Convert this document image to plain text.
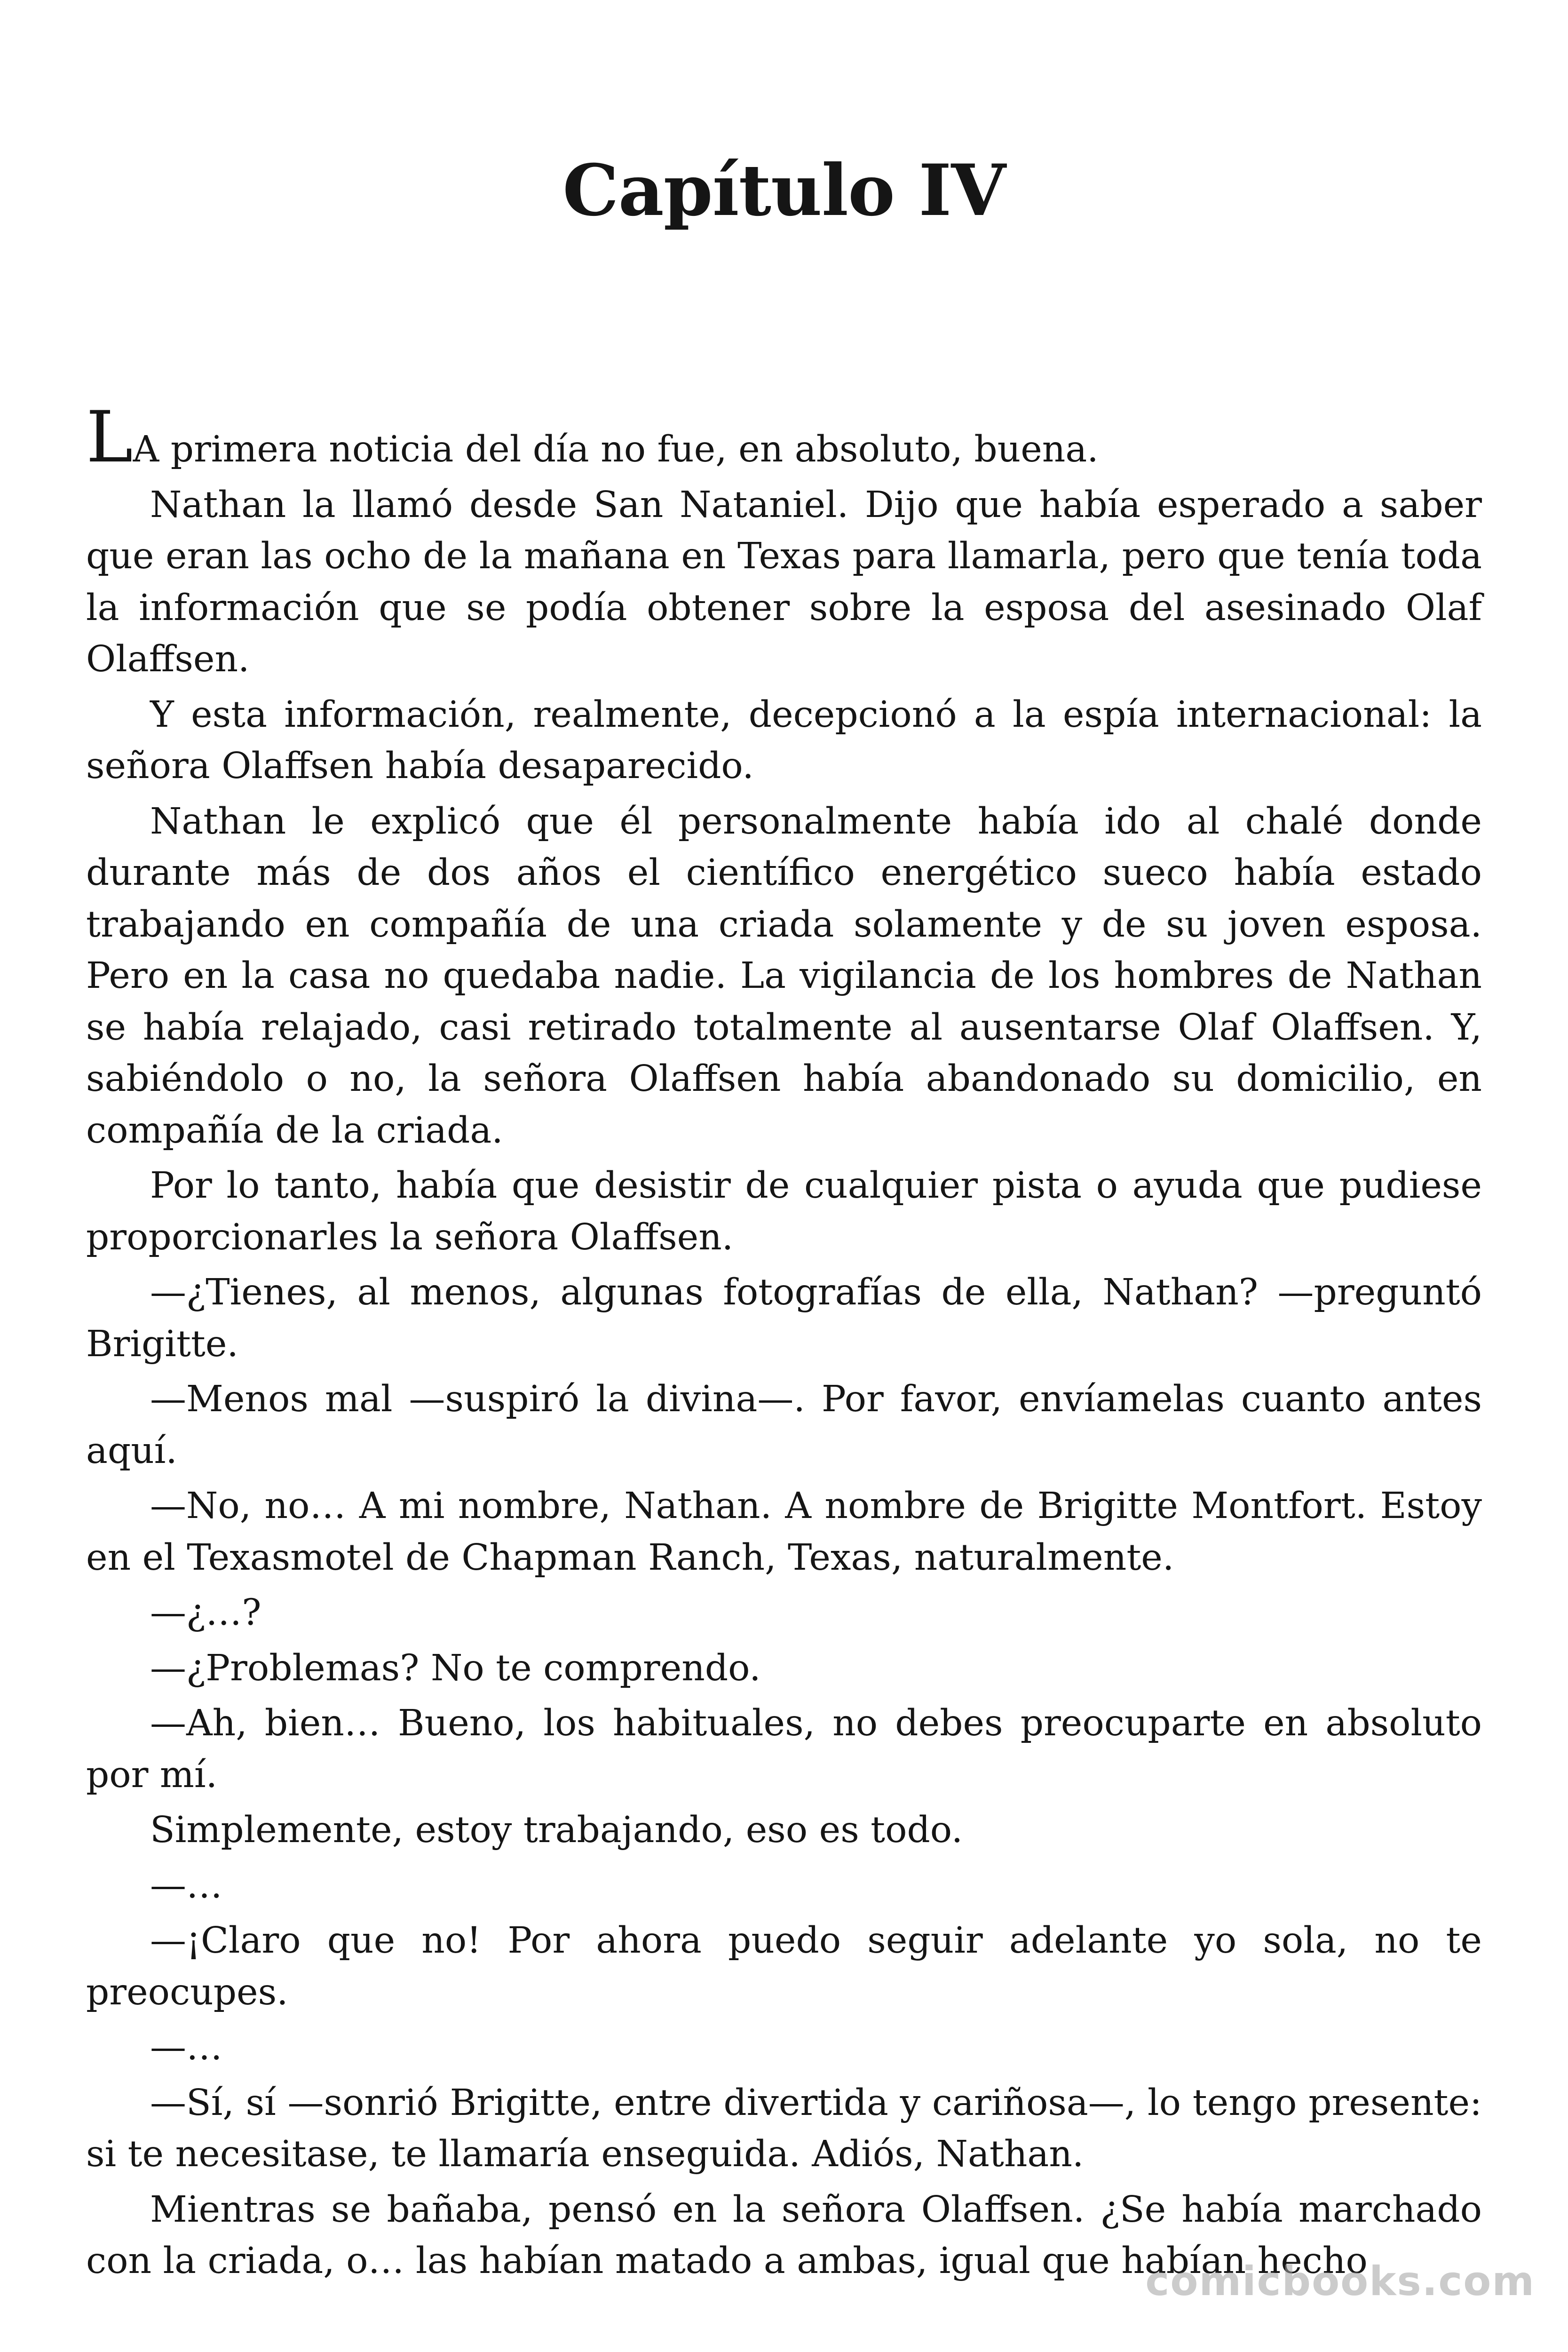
Capítulo IV

LA primera noticia del día no fue, en absoluto, buena.

Nathan la llamó desde San Nataniel. Dijo que había esperado a saber que eran las ocho de la mañana en Texas para llamarla, pero que tenía toda la información que se podía obtener sobre la esposa del asesinado Olaf Olaffsen.

Y esta información, realmente, decepcionó a la espía internacional: la señora Olaffsen había desaparecido.

Nathan le explicó que él personalmente había ido al chalé donde durante más de dos años el científico energético sueco había estado trabajando en compañía de una criada solamente y de su joven esposa. Pero en la casa no quedaba nadie. La vigilancia de los hombres de Nathan se había relajado, casi retirado totalmente al ausentarse Olaf Olaffsen. Y, sabiéndolo o no, la señora Olaffsen había abandonado su domicilio, en compañía de la criada.

Por lo tanto, había que desistir de cualquier pista o ayuda que pudiese proporcionarles la señora Olaffsen.

—¿Tienes, al menos, algunas fotografías de ella, Nathan? —preguntó Brigitte.

—Menos mal —suspiró la divina—. Por favor, envíamelas cuanto antes aquí.

—No, no… A mi nombre, Nathan. A nombre de Brigitte Montfort. Estoy en el Texasmotel de Chapman Ranch, Texas, naturalmente.

—¿…?

—¿Problemas? No te comprendo.

—Ah, bien… Bueno, los habituales, no debes preocuparte en absoluto por mí.

Simplemente, estoy trabajando, eso es todo.

—…

—¡Claro que no! Por ahora puedo seguir adelante yo sola, no te preocupes.

—…

—Sí, sí —sonrió Brigitte, entre divertida y cariñosa—, lo tengo presente: si te necesitase, te llamaría enseguida. Adiós, Nathan.

Mientras se bañaba, pensó en la señora Olaffsen. ¿Se había marchado con la criada, o… las habían matado a ambas, igual que habían hecho

comicbooks.com
